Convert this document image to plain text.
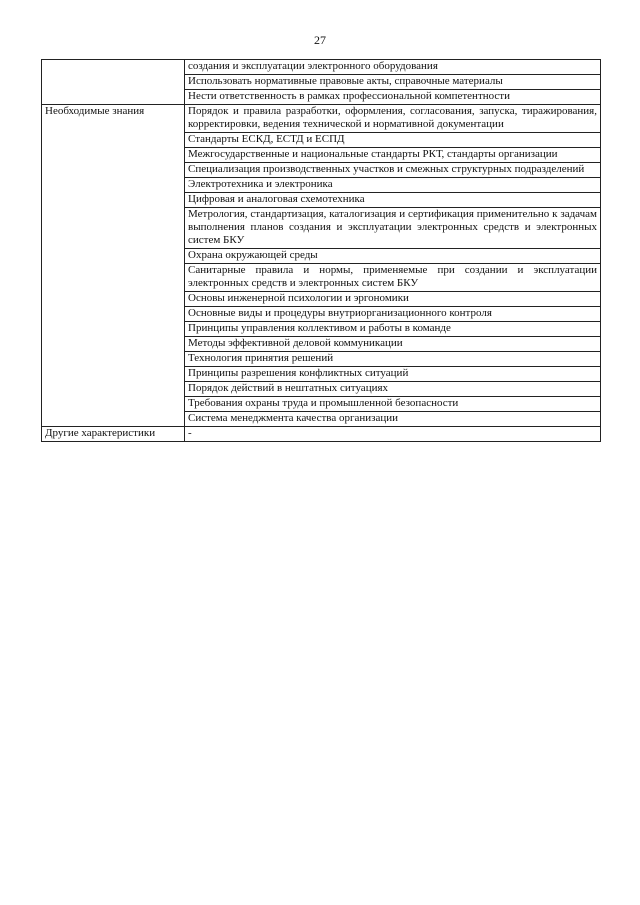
27
	создания и эксплуатации электронного оборудования
	Использовать нормативные правовые акты, справочные материалы
	Нести ответственность в рамках профессиональной компетентности
Необходимые знания	Порядок и правила разработки, оформления, согласования, запуска, тиражирования, корректировки, ведения технической и нормативной документации
	Стандарты ЕСКД, ЕСТД и ЕСПД
	Межгосударственные и национальные стандарты РКТ, стандарты организации
	Специализация производственных участков и смежных структурных подразделений
	Электротехника и электроника
	Цифровая и аналоговая схемотехника
	Метрология, стандартизация, каталогизация и сертификация применительно к задачам выполнения планов создания и эксплуатации электронных средств и электронных систем БКУ
	Охрана окружающей среды
	Санитарные правила и нормы, применяемые при создании и эксплуатации электронных средств и электронных систем БКУ
	Основы инженерной психологии и эргономики
	Основные виды и процедуры внутриорганизационного контроля
	Принципы управления коллективом и работы в команде
	Методы эффективной деловой коммуникации
	Технология принятия решений
	Принципы разрешения конфликтных ситуаций
	Порядок действий в нештатных ситуациях
	Требования охраны труда и промышленной безопасности
	Система менеджмента качества организации
Другие характеристики	-
